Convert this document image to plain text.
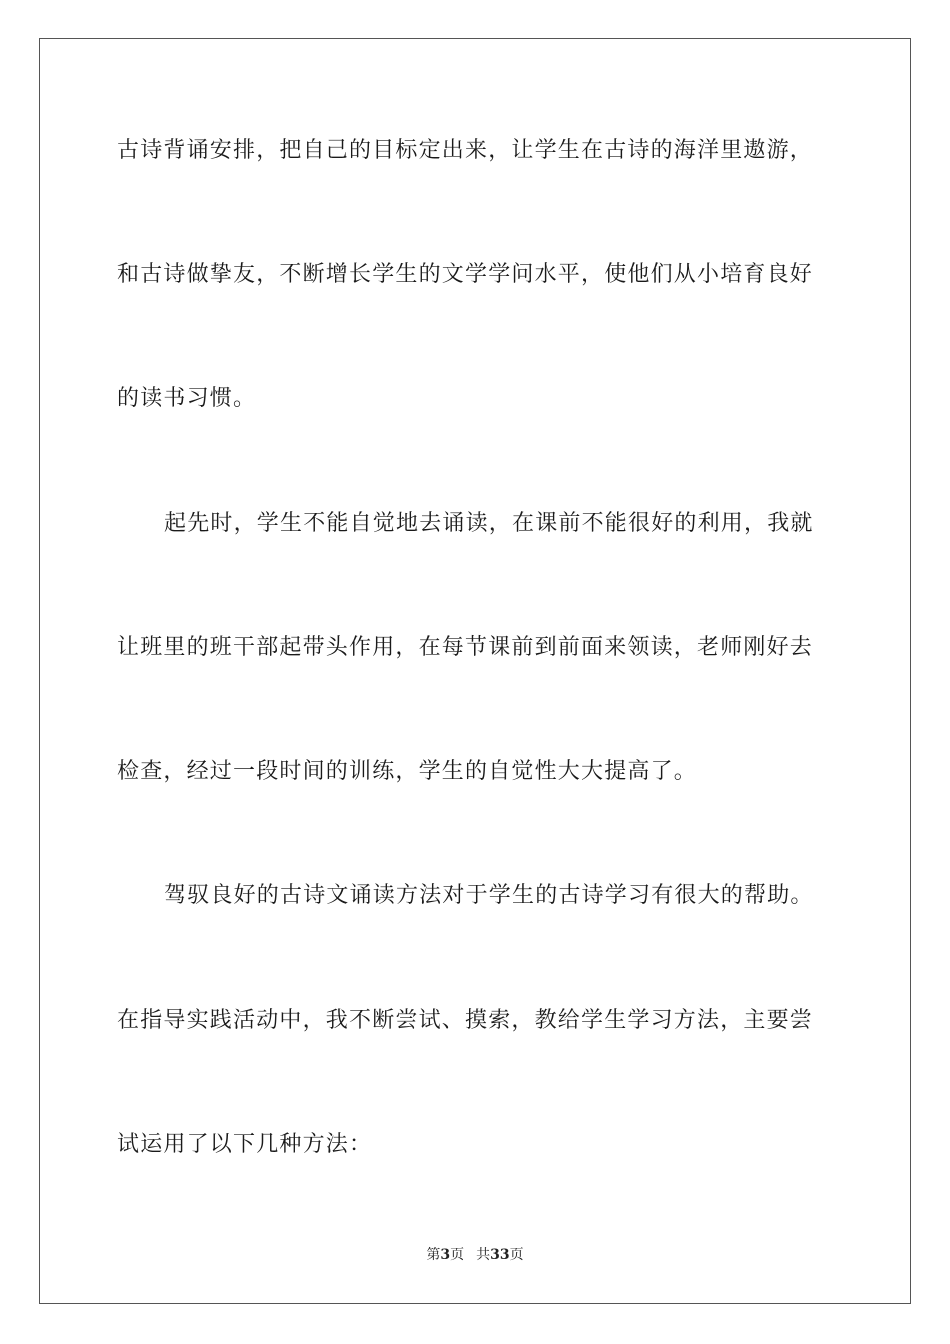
古诗背诵安排，把自己的目标定出来，让学生在古诗的海洋里遨游，
和古诗做挚友，不断增长学生的文学学问水平，使他们从小培育良好
的读书习惯。
起先时，学生不能自觉地去诵读，在课前不能很好的利用，我就
让班里的班干部起带头作用，在每节课前到前面来领读，老师刚好去
检查，经过一段时间的训练，学生的自觉性大大提高了。
驾驭良好的古诗文诵读方法对于学生的古诗学习有很大的帮助。
在指导实践活动中，我不断尝试、摸索，教给学生学习方法，主要尝
试运用了以下几种方法：
第3页 共33页
